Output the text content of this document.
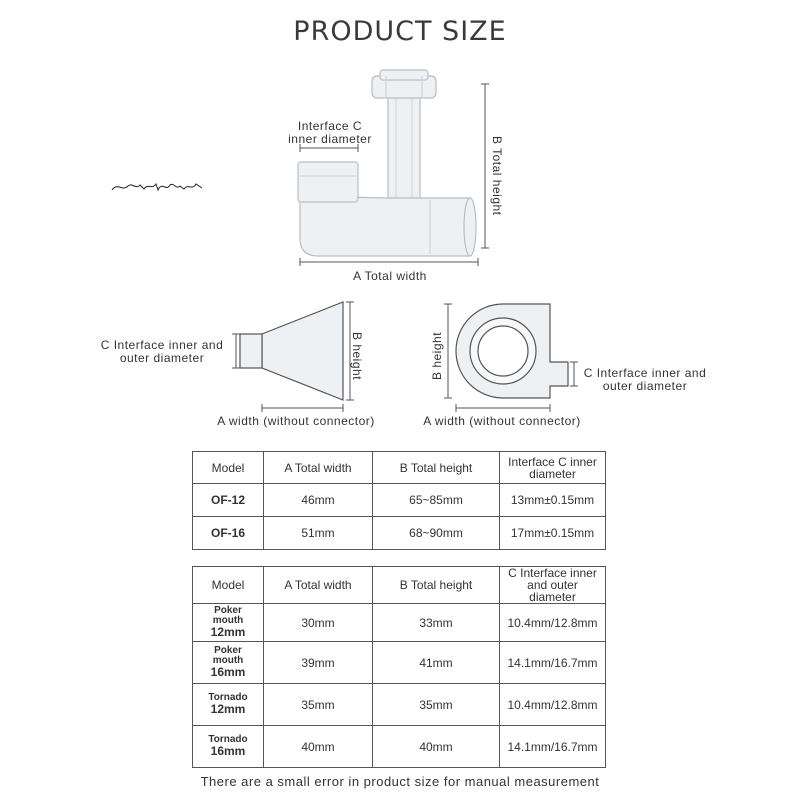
PRODUCT SIZE
Interface C
inner diameter	B Total height
A Total width
C Interface inner and
outer diameter	B height
A width (without connector)
B height	C Interface inner and
outer diameter
A width (without connector)
Model	A Total width	B Total height	Interface C inner
diameter

OF-12	46mm	65~85mm	13mm±0.15mm
OF-16	51mm	68~90mm	17mm±0.15mm
Model	A Total width	B Total height	C Interface inner
and outer diameter

Poker mouth
12mm	30mm	33mm	10.4mm/12.8mm

Poker mouth
16mm	39mm	41mm	14.1mm/16.7mm

Tornado
12mm	35mm	35mm	10.4mm/12.8mm

Tornado
16mm	40mm	40mm	14.1mm/16.7mm
There are a small error in product size for manual measurement
